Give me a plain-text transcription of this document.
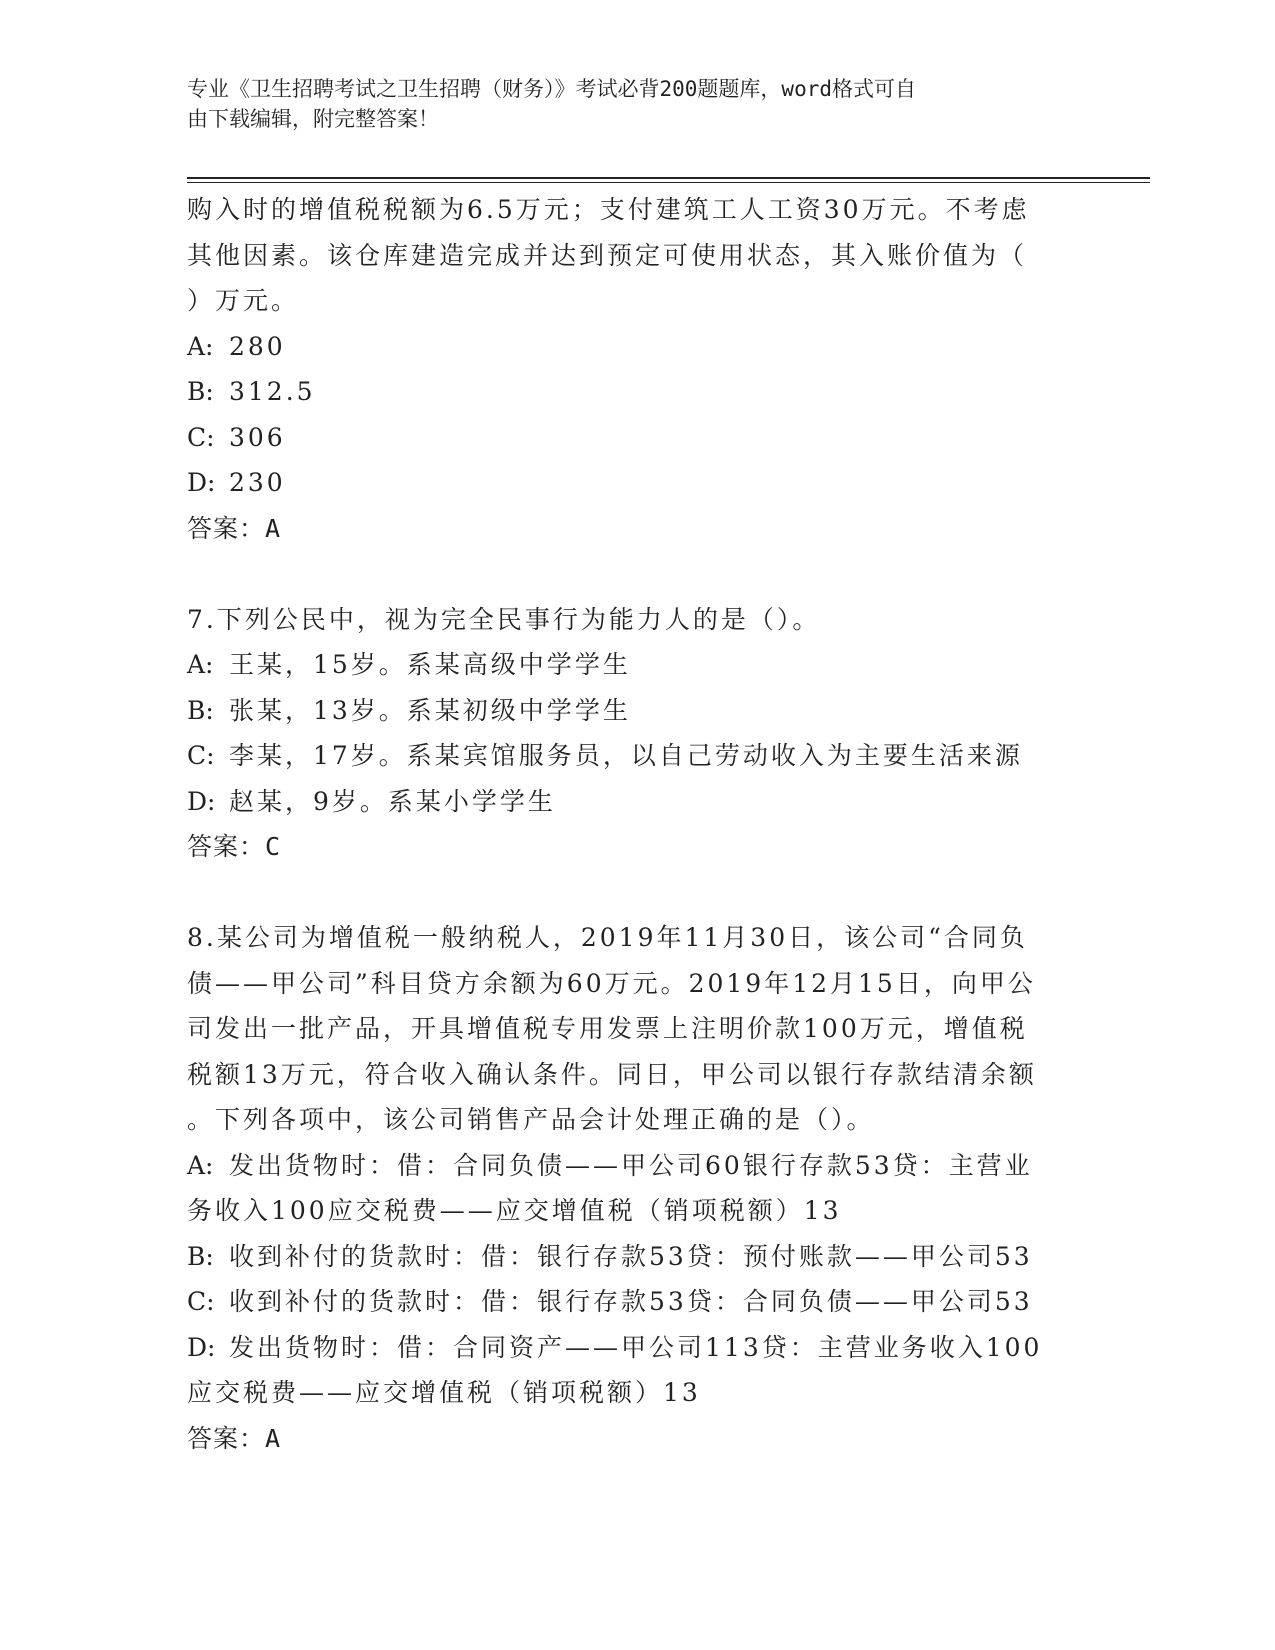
专业《卫生招聘考试之卫生招聘（财务）》考试必背200题题库，word格式可自
由下载编辑，附完整答案！
购入时的增值税税额为6.5万元；支付建筑工人工资30万元。不考虑
其他因素。该仓库建造完成并达到预定可使用状态，其入账价值为（
）万元。
A: 280
B: 312.5
C: 306
D: 230
答案：A
7.下列公民中，视为完全民事行为能力人的是（）。
A: 王某，15岁。系某高级中学学生
B: 张某，13岁。系某初级中学学生
C: 李某，17岁。系某宾馆服务员，以自己劳动收入为主要生活来源
D: 赵某，9岁。系某小学学生
答案：C
8.某公司为增值税一般纳税人，2019年11月30日，该公司“合同负
债——甲公司”科目贷方余额为60万元。2019年12月15日，向甲公
司发出一批产品，开具增值税专用发票上注明价款100万元，增值税
税额13万元，符合收入确认条件。同日，甲公司以银行存款结清余额
。下列各项中，该公司销售产品会计处理正确的是（）。
A: 发出货物时：借：合同负债——甲公司60银行存款53贷：主营业
务收入100应交税费——应交增值税（销项税额）13
B: 收到补付的货款时：借：银行存款53贷：预付账款——甲公司53
C: 收到补付的货款时：借：银行存款53贷：合同负债——甲公司53
D: 发出货物时：借：合同资产——甲公司113贷：主营业务收入100
应交税费——应交增值税（销项税额）13
答案：A
